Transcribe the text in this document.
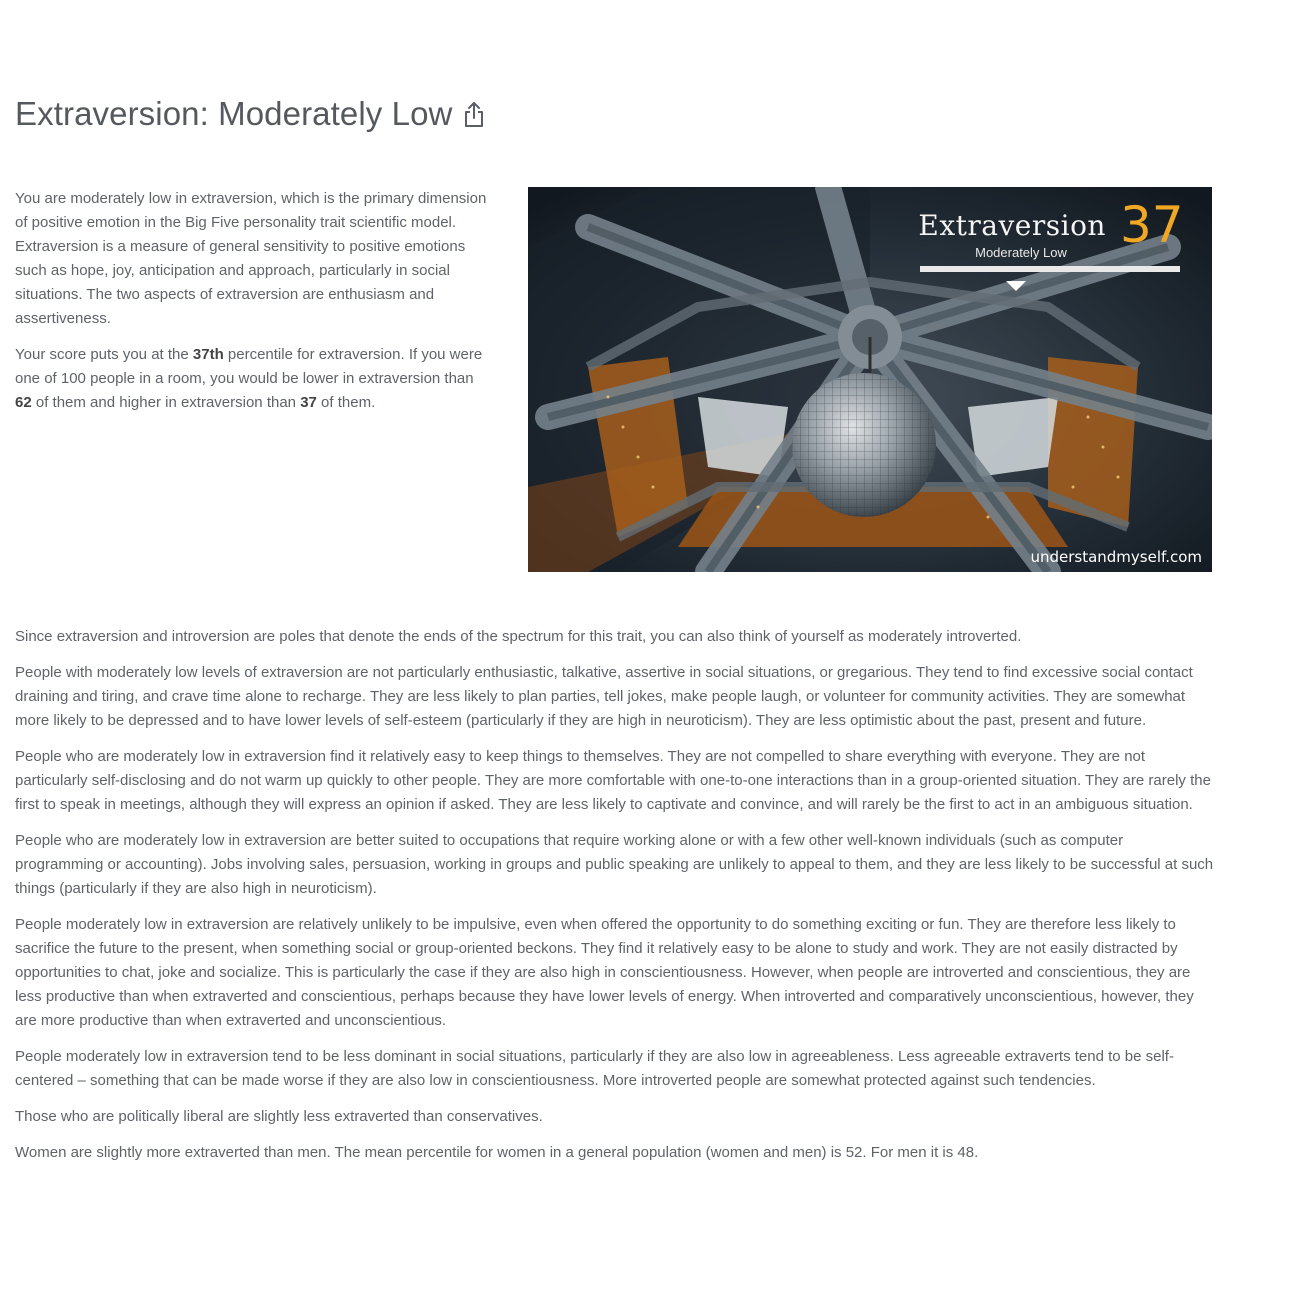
Extraversion: Moderately Low

You are moderately low in extraversion, which is the primary dimension of positive emotion in the Big Five personality trait scientific model. Extraversion is a measure of general sensitivity to positive emotions such as hope, joy, anticipation and approach, particularly in social situations. The two aspects of extraversion are enthusiasm and assertiveness.

Your score puts you at the 37th percentile for extraversion. If you were one of 100 people in a room, you would be lower in extraversion than 62 of them and higher in extraversion than 37 of them.

Extraversion 37
Moderately Low
understandmyself.com

Since extraversion and introversion are poles that denote the ends of the spectrum for this trait, you can also think of yourself as moderately introverted.

People with moderately low levels of extraversion are not particularly enthusiastic, talkative, assertive in social situations, or gregarious. They tend to find excessive social contact draining and tiring, and crave time alone to recharge. They are less likely to plan parties, tell jokes, make people laugh, or volunteer for community activities. They are somewhat more likely to be depressed and to have lower levels of self-esteem (particularly if they are high in neuroticism). They are less optimistic about the past, present and future.

People who are moderately low in extraversion find it relatively easy to keep things to themselves. They are not compelled to share everything with everyone. They are not particularly self-disclosing and do not warm up quickly to other people. They are more comfortable with one-to-one interactions than in a group-oriented situation. They are rarely the first to speak in meetings, although they will express an opinion if asked. They are less likely to captivate and convince, and will rarely be the first to act in an ambiguous situation.

People who are moderately low in extraversion are better suited to occupations that require working alone or with a few other well-known individuals (such as computer programming or accounting). Jobs involving sales, persuasion, working in groups and public speaking are unlikely to appeal to them, and they are less likely to be successful at such things (particularly if they are also high in neuroticism).

People moderately low in extraversion are relatively unlikely to be impulsive, even when offered the opportunity to do something exciting or fun. They are therefore less likely to sacrifice the future to the present, when something social or group-oriented beckons. They find it relatively easy to be alone to study and work. They are not easily distracted by opportunities to chat, joke and socialize. This is particularly the case if they are also high in conscientiousness. However, when people are introverted and conscientious, they are less productive than when extraverted and conscientious, perhaps because they have lower levels of energy. When introverted and comparatively unconscientious, however, they are more productive than when extraverted and unconscientious.

People moderately low in extraversion tend to be less dominant in social situations, particularly if they are also low in agreeableness. Less agreeable extraverts tend to be self-centered – something that can be made worse if they are also low in conscientiousness. More introverted people are somewhat protected against such tendencies.

Those who are politically liberal are slightly less extraverted than conservatives.

Women are slightly more extraverted than men. The mean percentile for women in a general population (women and men) is 52. For men it is 48.
